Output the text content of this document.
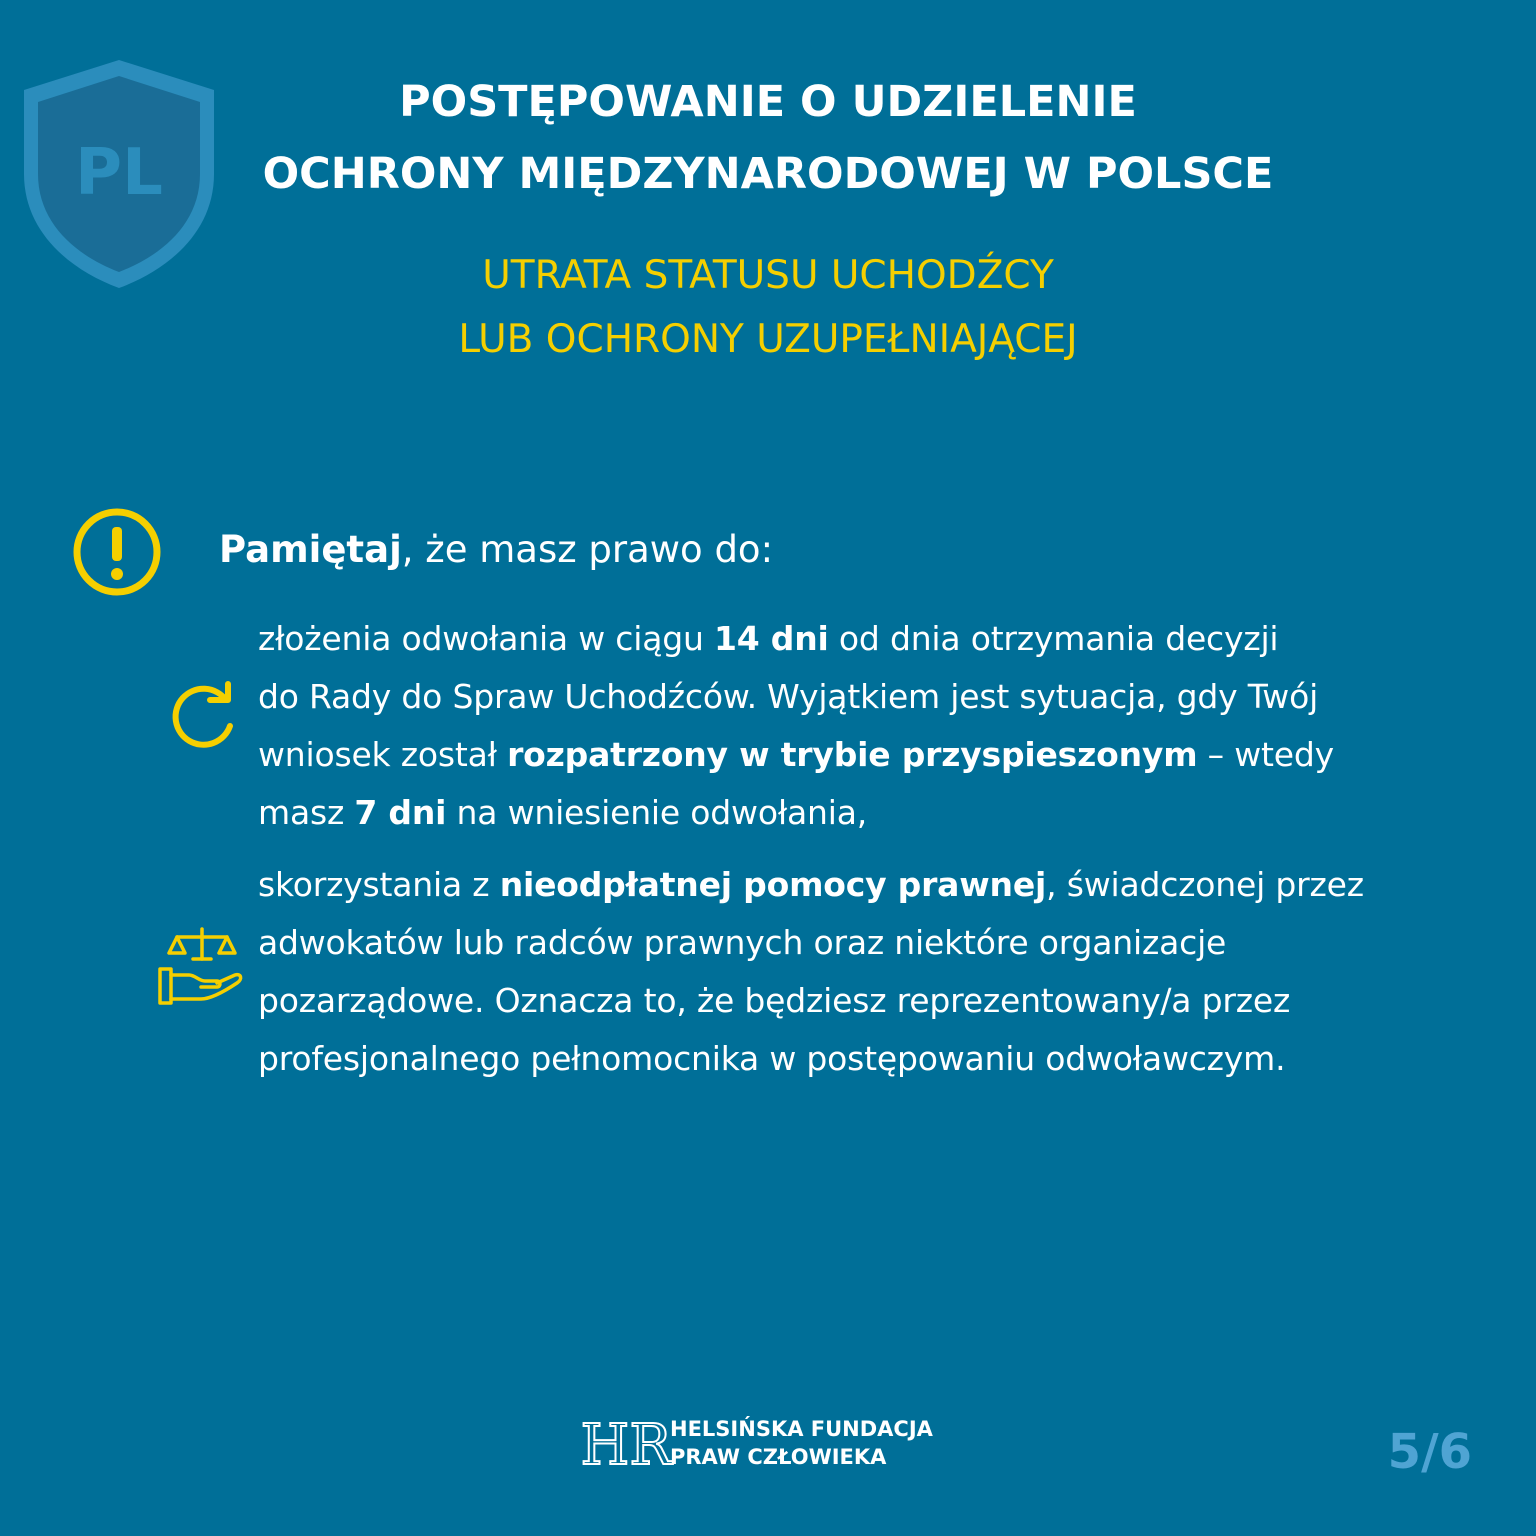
PL
POSTĘPOWANIE O UDZIELENIE
OCHRONY MIĘDZYNARODOWEJ W POLSCE
UTRATA STATUSU UCHODŹCY
LUB OCHRONY UZUPEŁNIAJĄCEJ
Pamiętaj, że masz prawo do:
złożenia odwołania w ciągu 14 dni od dnia otrzymania decyzji
do Rady do Spraw Uchodźców. Wyjątkiem jest sytuacja, gdy Twój
wniosek został rozpatrzony w trybie przyspieszonym – wtedy
masz 7 dni na wniesienie odwołania,
skorzystania z nieodpłatnej pomocy prawnej, świadczonej przez
adwokatów lub radców prawnych oraz niektóre organizacje
pozarządowe. Oznacza to, że będziesz reprezentowany/a przez
profesjonalnego pełnomocnika w postępowaniu odwoławczym.
HR
HELSIŃSKA FUNDACJA
PRAW CZŁOWIEKA	5/6
